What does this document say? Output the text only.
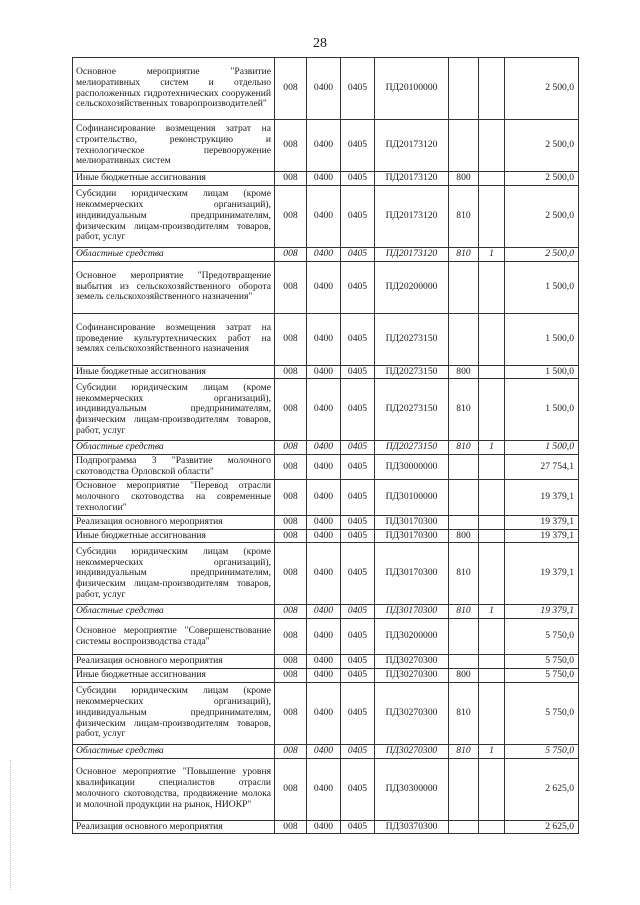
28
Основное мероприятие "Развитие мелиоративных систем и отдельно расположенных гидротехнических сооружений сельскохозяйственных товаропроизводителей"	008	0400	0405	ПД20100000			2 500,0
Софинансирование возмещения затрат на строительство, реконструкцию и технологическое перевооружение мелиоративных систем	008	0400	0405	ПД20173120			2 500,0
Иные бюджетные ассигнования	008	0400	0405	ПД20173120	800		2 500,0
Субсидии юридическим лицам (кроме некоммерческих организаций), индивидуальным предпринимателям, физическим лицам-производителям товаров, работ, услуг	008	0400	0405	ПД20173120	810		2 500,0
Областные средства	008	0400	0405	ПД20173120	810	1	2 500,0
Основное мероприятие "Предотвращение выбытия из сельскохозяйственного оборота земель сельскохозяйственного назначения"	008	0400	0405	ПД20200000			1 500,0
Софинансирование возмещения затрат на проведение культуртехнических работ на землях сельскохозяйственного назначения	008	0400	0405	ПД20273150			1 500,0
Иные бюджетные ассигнования	008	0400	0405	ПД20273150	800		1 500,0
Субсидии юридическим лицам (кроме некоммерческих организаций), индивидуальным предпринимателям, физическим лицам-производителям товаров, работ, услуг	008	0400	0405	ПД20273150	810		1 500,0
Областные средства	008	0400	0405	ПД20273150	810	1	1 500,0
Подпрограмма 3 "Развитие молочного скотоводства Орловской области"	008	0400	0405	ПД30000000			27 754,1
Основное мероприятие "Перевод отрасли молочного скотоводства на современные технологии"	008	0400	0405	ПД30100000			19 379,1
Реализация основного мероприятия	008	0400	0405	ПД30170300			19 379,1
Иные бюджетные ассигнования	008	0400	0405	ПД30170300	800		19 379,1
Субсидии юридическим лицам (кроме некоммерческих организаций), индивидуальным предпринимателям, физическим лицам-производителям товаров, работ, услуг	008	0400	0405	ПД30170300	810		19 379,1
Областные средства	008	0400	0405	ПД30170300	810	1	19 379,1
Основное мероприятие "Совершенствование системы воспроизводства стада"	008	0400	0405	ПД30200000			5 750,0
Реализация основного мероприятия	008	0400	0405	ПД30270300			5 750,0
Иные бюджетные ассигнования	008	0400	0405	ПД30270300	800		5 750,0
Субсидии юридическим лицам (кроме некоммерческих организаций), индивидуальным предпринимателям, физическим лицам-производителям товаров, работ, услуг	008	0400	0405	ПД30270300	810		5 750,0
Областные средства	008	0400	0405	ПД30270300	810	1	5 750,0
Основное мероприятие "Повышение уровня квалификации специалистов отрасли молочного скотоводства, продвижение молока и молочной продукции на рынок, НИОКР"	008	0400	0405	ПД30300000			2 625,0
Реализация основного мероприятия	008	0400	0405	ПД30370300			2 625,0
